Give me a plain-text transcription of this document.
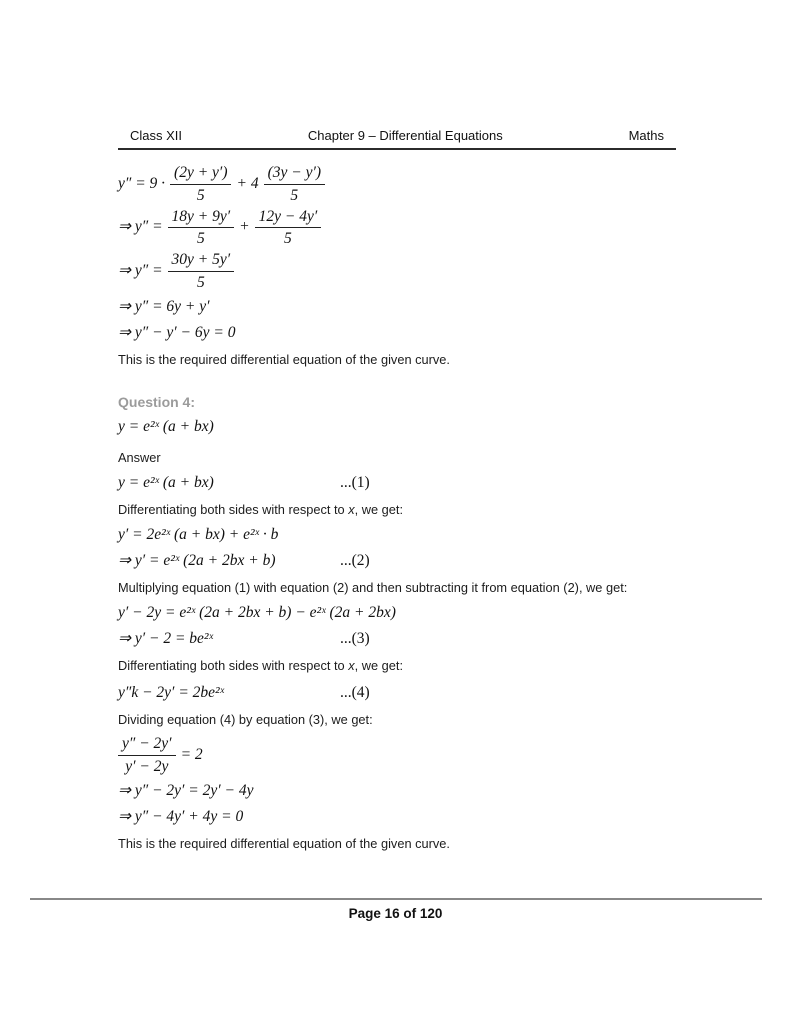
Class XII	Chapter 9 – Differential Equations	Maths
$y'' = 9 \cdot \frac{(2y + y')}{5} + 4 \frac{(3y - y')}{5}$
⇒ $y'' = \frac{18y + 9y'}{5} + \frac{12y - 4y'}{5}$
⇒ $y'' = \frac{30y + 5y'}{5}$
⇒ y″ = 6y + y′
⇒ y″ − y′ − 6y = 0

This is the required differential equation of the given curve.

Question 4:
y = e²ˣ (a + bx)

Answer

y = e²ˣ (a + bx)	...(1)

Differentiating both sides with respect to x, we get:

y′ = 2e²ˣ (a + bx) + e²ˣ · b
⇒ y′ = e²ˣ (2a + 2bx + b)	...(2)

Multiplying equation (1) with equation (2) and then subtracting it from equation (2), we get:

y′ − 2y = e²ˣ (2a + 2bx + b) − e²ˣ (2a + 2bx)
⇒ y′ − 2 = be²ˣ	...(3)

Differentiating both sides with respect to x, we get:

y″k − 2y′ = 2be²ˣ	...(4)

Dividing equation (4) by equation (3), we get:

$\frac{y'' - 2y'}{y' - 2y} = 2$
⇒ y″ − 2y′ = 2y′ − 4y
⇒ y″ − 4y′ + 4y = 0

This is the required differential equation of the given curve.

Page 16 of 120
